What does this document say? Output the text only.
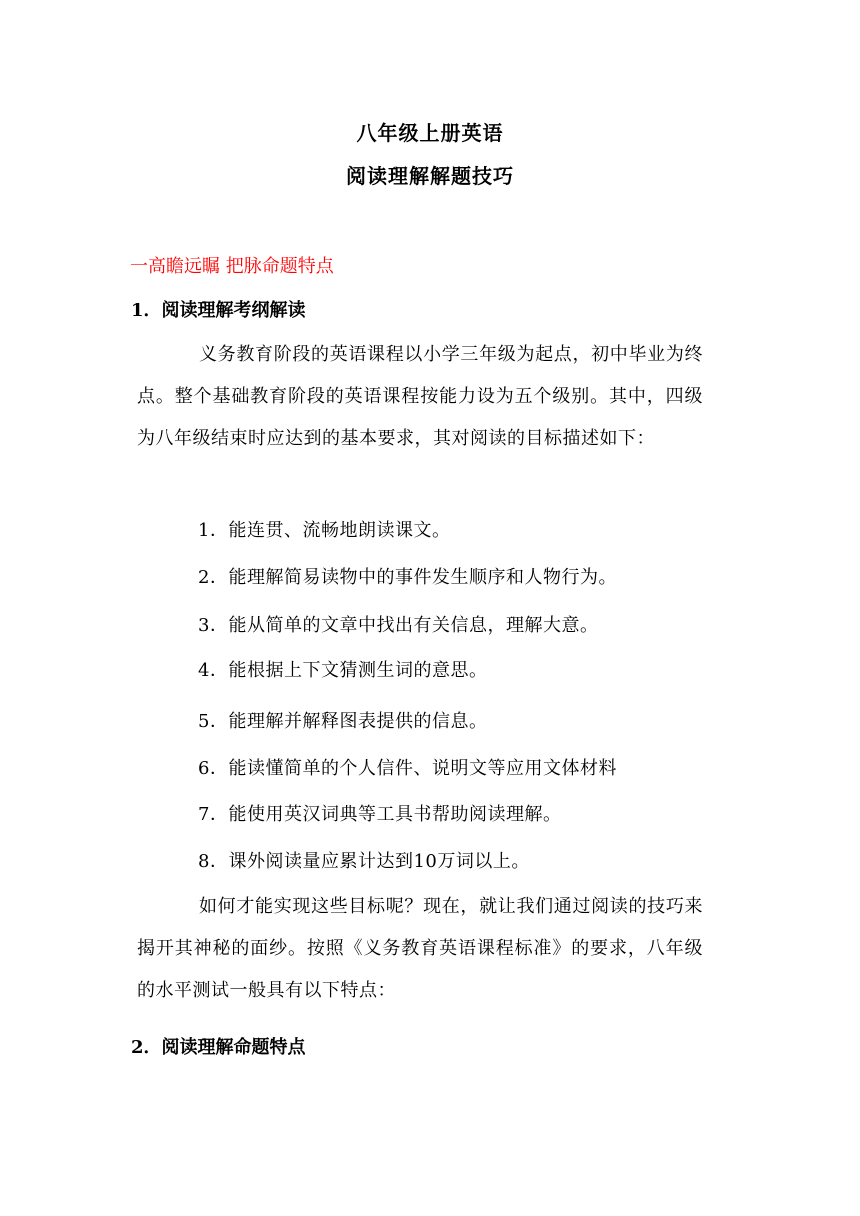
八年级上册英语
阅读理解解题技巧
一高瞻远瞩 把脉命题特点
1．阅读理解考纲解读
义务教育阶段的英语课程以小学三年级为起点，初中毕业为终点。整个基础教育阶段的英语课程按能力设为五个级别。其中，四级为八年级结束时应达到的基本要求，其对阅读的目标描述如下：
1．能连贯、流畅地朗读课文。
2．能理解简易读物中的事件发生顺序和人物行为。
3．能从简单的文章中找出有关信息，理解大意。
4．能根据上下文猜测生词的意思。
5．能理解并解释图表提供的信息。
6．能读懂简单的个人信件、说明文等应用文体材料
7．能使用英汉词典等工具书帮助阅读理解。
8．课外阅读量应累计达到10万词以上。
如何才能实现这些目标呢？现在，就让我们通过阅读的技巧来揭开其神秘的面纱。按照《义务教育英语课程标准》的要求，八年级的水平测试一般具有以下特点：
2．阅读理解命题特点
